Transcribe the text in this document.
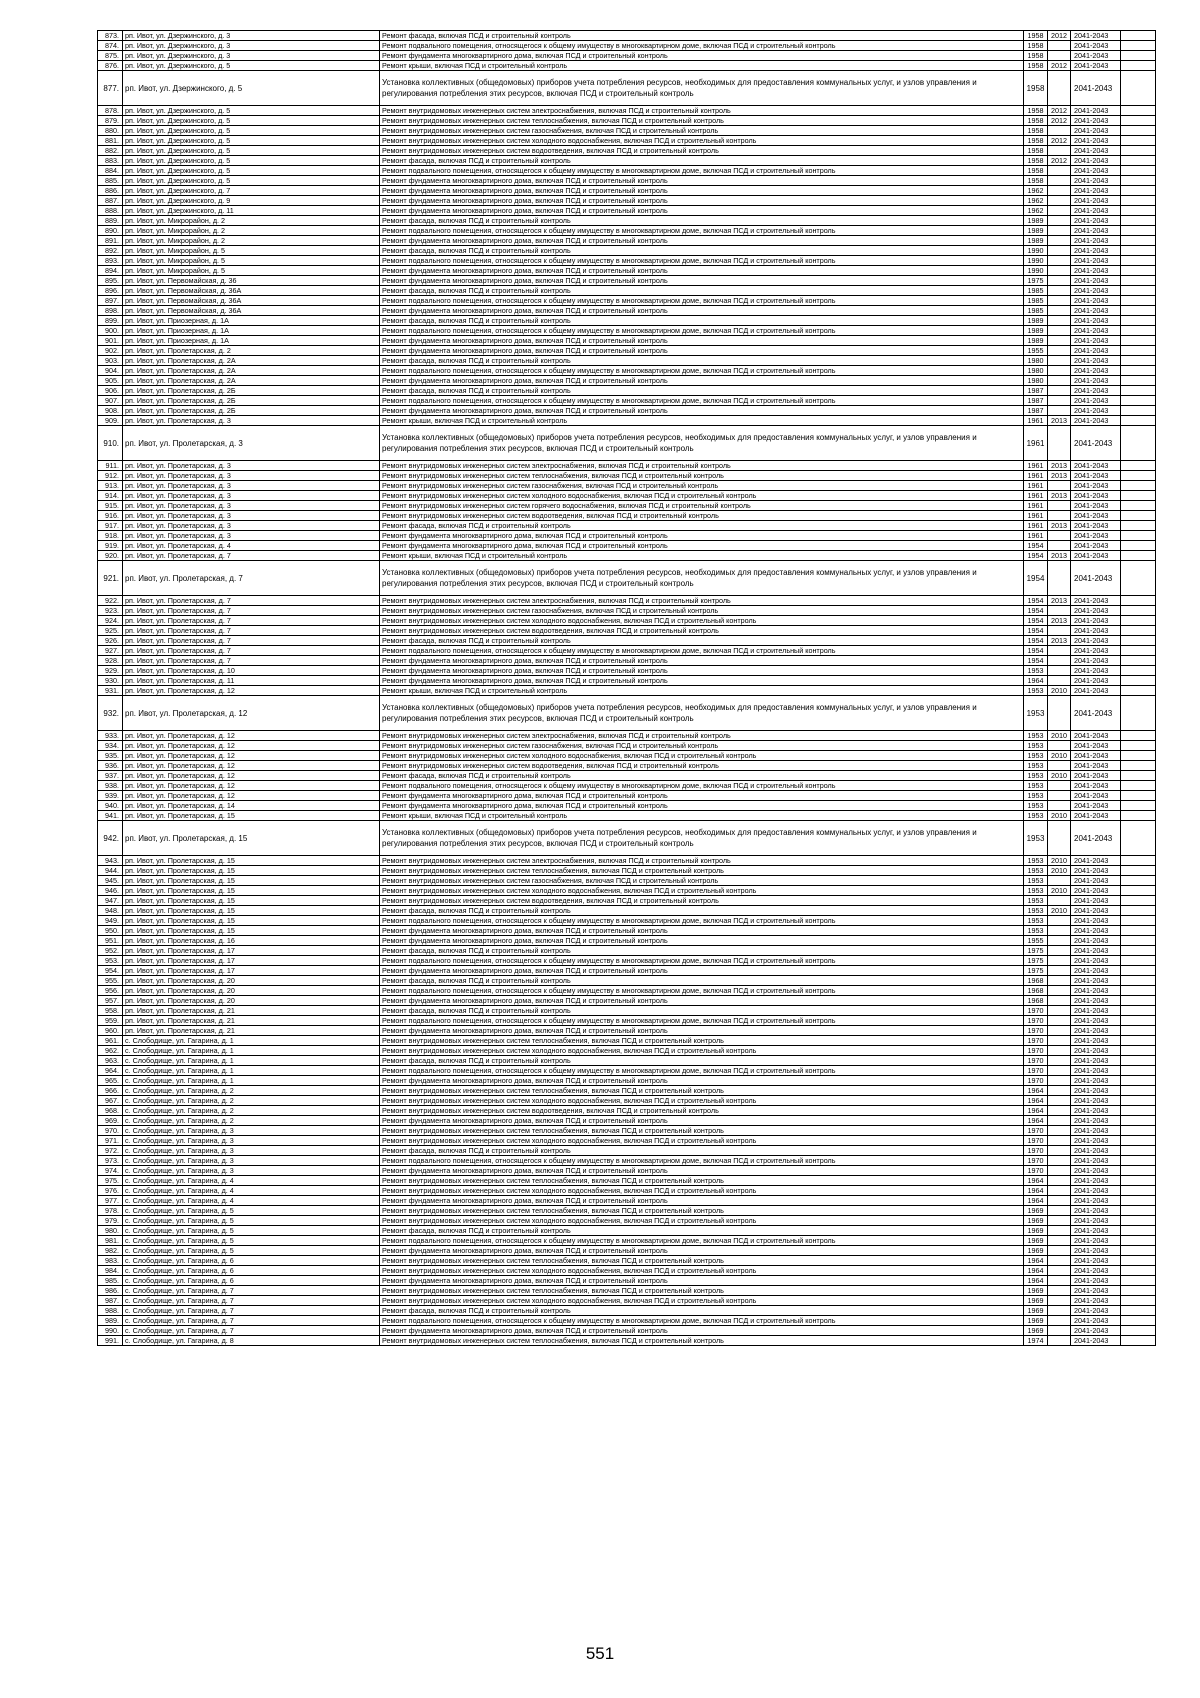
873.	рп. Ивот, ул. Дзержинского, д. 3	Ремонт фасада, включая ПСД и строительный контроль	1958	2012	2041-2043	
874.	рп. Ивот, ул. Дзержинского, д. 3	Ремонт подвального помещения, относящегося к общему имуществу в многоквартирном доме, включая ПСД и строительный контроль	1958		2041-2043	
875.	рп. Ивот, ул. Дзержинского, д. 3	Ремонт фундамента многоквартирного дома, включая ПСД и строительный контроль	1958		2041-2043	
876.	рп. Ивот, ул. Дзержинского, д. 5	Ремонт крыши, включая ПСД и строительный контроль	1958	2012	2041-2043	
877.	рп. Ивот, ул. Дзержинского, д. 5	Установка коллективных (общедомовых) приборов учета потребления ресурсов, необходимых для предоставления коммунальных услуг, и узлов управления и регулирования потребления этих ресурсов, включая ПСД и строительный контроль	1958		2041-2043	
878.	рп. Ивот, ул. Дзержинского, д. 5	Ремонт внутридомовых инженерных систем электроснабжения, включая ПСД и строительный контроль	1958	2012	2041-2043	
879.	рп. Ивот, ул. Дзержинского, д. 5	Ремонт внутридомовых инженерных систем теплоснабжения, включая ПСД и строительный контроль	1958	2012	2041-2043	
880.	рп. Ивот, ул. Дзержинского, д. 5	Ремонт внутридомовых инженерных систем газоснабжения, включая ПСД и строительный контроль	1958		2041-2043	
881.	рп. Ивот, ул. Дзержинского, д. 5	Ремонт внутридомовых инженерных систем холодного водоснабжения, включая ПСД и строительный контроль	1958	2012	2041-2043	
882.	рп. Ивот, ул. Дзержинского, д. 5	Ремонт внутридомовых инженерных систем водоотведения, включая ПСД и строительный контроль	1958		2041-2043	
883.	рп. Ивот, ул. Дзержинского, д. 5	Ремонт фасада, включая ПСД и строительный контроль	1958	2012	2041-2043	
884.	рп. Ивот, ул. Дзержинского, д. 5	Ремонт подвального помещения, относящегося к общему имуществу в многоквартирном доме, включая ПСД и строительный контроль	1958		2041-2043	
885.	рп. Ивот, ул. Дзержинского, д. 5	Ремонт фундамента многоквартирного дома, включая ПСД и строительный контроль	1958		2041-2043	
886.	рп. Ивот, ул. Дзержинского, д. 7	Ремонт фундамента многоквартирного дома, включая ПСД и строительный контроль	1962		2041-2043	
887.	рп. Ивот, ул. Дзержинского, д. 9	Ремонт фундамента многоквартирного дома, включая ПСД и строительный контроль	1962		2041-2043	
888.	рп. Ивот, ул. Дзержинского, д. 11	Ремонт фундамента многоквартирного дома, включая ПСД и строительный контроль	1962		2041-2043	
889.	рп. Ивот, ул. Микрорайон, д. 2	Ремонт фасада, включая ПСД и строительный контроль	1989		2041-2043	
890.	рп. Ивот, ул. Микрорайон, д. 2	Ремонт подвального помещения, относящегося к общему имуществу в многоквартирном доме, включая ПСД и строительный контроль	1989		2041-2043	
891.	рп. Ивот, ул. Микрорайон, д. 2	Ремонт фундамента многоквартирного дома, включая ПСД и строительный контроль	1989		2041-2043	
892.	рп. Ивот, ул. Микрорайон, д. 5	Ремонт фасада, включая ПСД и строительный контроль	1990		2041-2043	
893.	рп. Ивот, ул. Микрорайон, д. 5	Ремонт подвального помещения, относящегося к общему имуществу в многоквартирном доме, включая ПСД и строительный контроль	1990		2041-2043	
894.	рп. Ивот, ул. Микрорайон, д. 5	Ремонт фундамента многоквартирного дома, включая ПСД и строительный контроль	1990		2041-2043	
895.	рп. Ивот, ул. Первомайская, д. 36	Ремонт фундамента многоквартирного дома, включая ПСД и строительный контроль	1975		2041-2043	
896.	рп. Ивот, ул. Первомайская, д. 36А	Ремонт фасада, включая ПСД и строительный контроль	1985		2041-2043	
897.	рп. Ивот, ул. Первомайская, д. 36А	Ремонт подвального помещения, относящегося к общему имуществу в многоквартирном доме, включая ПСД и строительный контроль	1985		2041-2043	
898.	рп. Ивот, ул. Первомайская, д. 36А	Ремонт фундамента многоквартирного дома, включая ПСД и строительный контроль	1985		2041-2043	
899.	рп. Ивот, ул. Приозерная, д. 1А	Ремонт фасада, включая ПСД и строительный контроль	1989		2041-2043	
900.	рп. Ивот, ул. Приозерная, д. 1А	Ремонт подвального помещения, относящегося к общему имуществу в многоквартирном доме, включая ПСД и строительный контроль	1989		2041-2043	
901.	рп. Ивот, ул. Приозерная, д. 1А	Ремонт фундамента многоквартирного дома, включая ПСД и строительный контроль	1989		2041-2043	
902.	рп. Ивот, ул. Пролетарская, д. 2	Ремонт фундамента многоквартирного дома, включая ПСД и строительный контроль	1955		2041-2043	
903.	рп. Ивот, ул. Пролетарская, д. 2А	Ремонт фасада, включая ПСД и строительный контроль	1980		2041-2043	
904.	рп. Ивот, ул. Пролетарская, д. 2А	Ремонт подвального помещения, относящегося к общему имуществу в многоквартирном доме, включая ПСД и строительный контроль	1980		2041-2043	
905.	рп. Ивот, ул. Пролетарская, д. 2А	Ремонт фундамента многоквартирного дома, включая ПСД и строительный контроль	1980		2041-2043	
906.	рп. Ивот, ул. Пролетарская, д. 2Б	Ремонт фасада, включая ПСД и строительный контроль	1987		2041-2043	
907.	рп. Ивот, ул. Пролетарская, д. 2Б	Ремонт подвального помещения, относящегося к общему имуществу в многоквартирном доме, включая ПСД и строительный контроль	1987		2041-2043	
908.	рп. Ивот, ул. Пролетарская, д. 2Б	Ремонт фундамента многоквартирного дома, включая ПСД и строительный контроль	1987		2041-2043	
909.	рп. Ивот, ул. Пролетарская, д. 3	Ремонт крыши, включая ПСД и строительный контроль	1961	2013	2041-2043	
910.	рп. Ивот, ул. Пролетарская, д. 3	Установка коллективных (общедомовых) приборов учета потребления ресурсов, необходимых для предоставления коммунальных услуг, и узлов управления и регулирования потребления этих ресурсов, включая ПСД и строительный контроль	1961		2041-2043	
911.	рп. Ивот, ул. Пролетарская, д. 3	Ремонт внутридомовых инженерных систем электроснабжения, включая ПСД и строительный контроль	1961	2013	2041-2043	
912.	рп. Ивот, ул. Пролетарская, д. 3	Ремонт внутридомовых инженерных систем теплоснабжения, включая ПСД и строительный контроль	1961	2013	2041-2043	
913.	рп. Ивот, ул. Пролетарская, д. 3	Ремонт внутридомовых инженерных систем газоснабжения, включая ПСД и строительный контроль	1961		2041-2043	
914.	рп. Ивот, ул. Пролетарская, д. 3	Ремонт внутридомовых инженерных систем холодного водоснабжения, включая ПСД и строительный контроль	1961	2013	2041-2043	
915.	рп. Ивот, ул. Пролетарская, д. 3	Ремонт внутридомовых инженерных систем горячего водоснабжения, включая ПСД и строительный контроль	1961		2041-2043	
916.	рп. Ивот, ул. Пролетарская, д. 3	Ремонт внутридомовых инженерных систем водоотведения, включая ПСД и строительный контроль	1961		2041-2043	
917.	рп. Ивот, ул. Пролетарская, д. 3	Ремонт фасада, включая ПСД и строительный контроль	1961	2013	2041-2043	
918.	рп. Ивот, ул. Пролетарская, д. 3	Ремонт фундамента многоквартирного дома, включая ПСД и строительный контроль	1961		2041-2043	
919.	рп. Ивот, ул. Пролетарская, д. 4	Ремонт фундамента многоквартирного дома, включая ПСД и строительный контроль	1954		2041-2043	
920.	рп. Ивот, ул. Пролетарская, д. 7	Ремонт крыши, включая ПСД и строительный контроль	1954	2013	2041-2043	
921.	рп. Ивот, ул. Пролетарская, д. 7	Установка коллективных (общедомовых) приборов учета потребления ресурсов, необходимых для предоставления коммунальных услуг, и узлов управления и регулирования потребления этих ресурсов, включая ПСД и строительный контроль	1954		2041-2043	
922.	рп. Ивот, ул. Пролетарская, д. 7	Ремонт внутридомовых инженерных систем электроснабжения, включая ПСД и строительный контроль	1954	2013	2041-2043	
923.	рп. Ивот, ул. Пролетарская, д. 7	Ремонт внутридомовых инженерных систем газоснабжения, включая ПСД и строительный контроль	1954		2041-2043	
924.	рп. Ивот, ул. Пролетарская, д. 7	Ремонт внутридомовых инженерных систем холодного водоснабжения, включая ПСД и строительный контроль	1954	2013	2041-2043	
925.	рп. Ивот, ул. Пролетарская, д. 7	Ремонт внутридомовых инженерных систем водоотведения, включая ПСД и строительный контроль	1954		2041-2043	
926.	рп. Ивот, ул. Пролетарская, д. 7	Ремонт фасада, включая ПСД и строительный контроль	1954	2013	2041-2043	
927.	рп. Ивот, ул. Пролетарская, д. 7	Ремонт подвального помещения, относящегося к общему имуществу в многоквартирном доме, включая ПСД и строительный контроль	1954		2041-2043	
928.	рп. Ивот, ул. Пролетарская, д. 7	Ремонт фундамента многоквартирного дома, включая ПСД и строительный контроль	1954		2041-2043	
929.	рп. Ивот, ул. Пролетарская, д. 10	Ремонт фундамента многоквартирного дома, включая ПСД и строительный контроль	1953		2041-2043	
930.	рп. Ивот, ул. Пролетарская, д. 11	Ремонт фундамента многоквартирного дома, включая ПСД и строительный контроль	1964		2041-2043	
931.	рп. Ивот, ул. Пролетарская, д. 12	Ремонт крыши, включая ПСД и строительный контроль	1953	2010	2041-2043	
932.	рп. Ивот, ул. Пролетарская, д. 12	Установка коллективных (общедомовых) приборов учета потребления ресурсов, необходимых для предоставления коммунальных услуг, и узлов управления и регулирования потребления этих ресурсов, включая ПСД и строительный контроль	1953		2041-2043	
933.	рп. Ивот, ул. Пролетарская, д. 12	Ремонт внутридомовых инженерных систем электроснабжения, включая ПСД и строительный контроль	1953	2010	2041-2043	
934.	рп. Ивот, ул. Пролетарская, д. 12	Ремонт внутридомовых инженерных систем газоснабжения, включая ПСД и строительный контроль	1953		2041-2043	
935.	рп. Ивот, ул. Пролетарская, д. 12	Ремонт внутридомовых инженерных систем холодного водоснабжения, включая ПСД и строительный контроль	1953	2010	2041-2043	
936.	рп. Ивот, ул. Пролетарская, д. 12	Ремонт внутридомовых инженерных систем водоотведения, включая ПСД и строительный контроль	1953		2041-2043	
937.	рп. Ивот, ул. Пролетарская, д. 12	Ремонт фасада, включая ПСД и строительный контроль	1953	2010	2041-2043	
938.	рп. Ивот, ул. Пролетарская, д. 12	Ремонт подвального помещения, относящегося к общему имуществу в многоквартирном доме, включая ПСД и строительный контроль	1953		2041-2043	
939.	рп. Ивот, ул. Пролетарская, д. 12	Ремонт фундамента многоквартирного дома, включая ПСД и строительный контроль	1953		2041-2043	
940.	рп. Ивот, ул. Пролетарская, д. 14	Ремонт фундамента многоквартирного дома, включая ПСД и строительный контроль	1953		2041-2043	
941.	рп. Ивот, ул. Пролетарская, д. 15	Ремонт крыши, включая ПСД и строительный контроль	1953	2010	2041-2043	
942.	рп. Ивот, ул. Пролетарская, д. 15	Установка коллективных (общедомовых) приборов учета потребления ресурсов, необходимых для предоставления коммунальных услуг, и узлов управления и регулирования потребления этих ресурсов, включая ПСД и строительный контроль	1953		2041-2043	
943.	рп. Ивот, ул. Пролетарская, д. 15	Ремонт внутридомовых инженерных систем электроснабжения, включая ПСД и строительный контроль	1953	2010	2041-2043	
944.	рп. Ивот, ул. Пролетарская, д. 15	Ремонт внутридомовых инженерных систем теплоснабжения, включая ПСД и строительный контроль	1953	2010	2041-2043	
945.	рп. Ивот, ул. Пролетарская, д. 15	Ремонт внутридомовых инженерных систем газоснабжения, включая ПСД и строительный контроль	1953		2041-2043	
946.	рп. Ивот, ул. Пролетарская, д. 15	Ремонт внутридомовых инженерных систем холодного водоснабжения, включая ПСД и строительный контроль	1953	2010	2041-2043	
947.	рп. Ивот, ул. Пролетарская, д. 15	Ремонт внутридомовых инженерных систем водоотведения, включая ПСД и строительный контроль	1953		2041-2043	
948.	рп. Ивот, ул. Пролетарская, д. 15	Ремонт фасада, включая ПСД и строительный контроль	1953	2010	2041-2043	
949.	рп. Ивот, ул. Пролетарская, д. 15	Ремонт подвального помещения, относящегося к общему имуществу в многоквартирном доме, включая ПСД и строительный контроль	1953		2041-2043	
950.	рп. Ивот, ул. Пролетарская, д. 15	Ремонт фундамента многоквартирного дома, включая ПСД и строительный контроль	1953		2041-2043	
951.	рп. Ивот, ул. Пролетарская, д. 16	Ремонт фундамента многоквартирного дома, включая ПСД и строительный контроль	1955		2041-2043	
952.	рп. Ивот, ул. Пролетарская, д. 17	Ремонт фасада, включая ПСД и строительный контроль	1975		2041-2043	
953.	рп. Ивот, ул. Пролетарская, д. 17	Ремонт подвального помещения, относящегося к общему имуществу в многоквартирном доме, включая ПСД и строительный контроль	1975		2041-2043	
954.	рп. Ивот, ул. Пролетарская, д. 17	Ремонт фундамента многоквартирного дома, включая ПСД и строительный контроль	1975		2041-2043	
955.	рп. Ивот, ул. Пролетарская, д. 20	Ремонт фасада, включая ПСД и строительный контроль	1968		2041-2043	
956.	рп. Ивот, ул. Пролетарская, д. 20	Ремонт подвального помещения, относящегося к общему имуществу в многоквартирном доме, включая ПСД и строительный контроль	1968		2041-2043	
957.	рп. Ивот, ул. Пролетарская, д. 20	Ремонт фундамента многоквартирного дома, включая ПСД и строительный контроль	1968		2041-2043	
958.	рп. Ивот, ул. Пролетарская, д. 21	Ремонт фасада, включая ПСД и строительный контроль	1970		2041-2043	
959.	рп. Ивот, ул. Пролетарская, д. 21	Ремонт подвального помещения, относящегося к общему имуществу в многоквартирном доме, включая ПСД и строительный контроль	1970		2041-2043	
960.	рп. Ивот, ул. Пролетарская, д. 21	Ремонт фундамента многоквартирного дома, включая ПСД и строительный контроль	1970		2041-2043	
961.	с. Слободище, ул. Гагарина, д. 1	Ремонт внутридомовых инженерных систем теплоснабжения, включая ПСД и строительный контроль	1970		2041-2043	
962.	с. Слободище, ул. Гагарина, д. 1	Ремонт внутридомовых инженерных систем холодного водоснабжения, включая ПСД и строительный контроль	1970		2041-2043	
963.	с. Слободище, ул. Гагарина, д. 1	Ремонт фасада, включая ПСД и строительный контроль	1970		2041-2043	
964.	с. Слободище, ул. Гагарина, д. 1	Ремонт подвального помещения, относящегося к общему имуществу в многоквартирном доме, включая ПСД и строительный контроль	1970		2041-2043	
965.	с. Слободище, ул. Гагарина, д. 1	Ремонт фундамента многоквартирного дома, включая ПСД и строительный контроль	1970		2041-2043	
966.	с. Слободище, ул. Гагарина, д. 2	Ремонт внутридомовых инженерных систем теплоснабжения, включая ПСД и строительный контроль	1964		2041-2043	
967.	с. Слободище, ул. Гагарина, д. 2	Ремонт внутридомовых инженерных систем холодного водоснабжения, включая ПСД и строительный контроль	1964		2041-2043	
968.	с. Слободище, ул. Гагарина, д. 2	Ремонт внутридомовых инженерных систем водоотведения, включая ПСД и строительный контроль	1964		2041-2043	
969.	с. Слободище, ул. Гагарина, д. 2	Ремонт фундамента многоквартирного дома, включая ПСД и строительный контроль	1964		2041-2043	
970.	с. Слободище, ул. Гагарина, д. 3	Ремонт внутридомовых инженерных систем теплоснабжения, включая ПСД и строительный контроль	1970		2041-2043	
971.	с. Слободище, ул. Гагарина, д. 3	Ремонт внутридомовых инженерных систем холодного водоснабжения, включая ПСД и строительный контроль	1970		2041-2043	
972.	с. Слободище, ул. Гагарина, д. 3	Ремонт фасада, включая ПСД и строительный контроль	1970		2041-2043	
973.	с. Слободище, ул. Гагарина, д. 3	Ремонт подвального помещения, относящегося к общему имуществу в многоквартирном доме, включая ПСД и строительный контроль	1970		2041-2043	
974.	с. Слободище, ул. Гагарина, д. 3	Ремонт фундамента многоквартирного дома, включая ПСД и строительный контроль	1970		2041-2043	
975.	с. Слободище, ул. Гагарина, д. 4	Ремонт внутридомовых инженерных систем теплоснабжения, включая ПСД и строительный контроль	1964		2041-2043	
976.	с. Слободище, ул. Гагарина, д. 4	Ремонт внутридомовых инженерных систем холодного водоснабжения, включая ПСД и строительный контроль	1964		2041-2043	
977.	с. Слободище, ул. Гагарина, д. 4	Ремонт фундамента многоквартирного дома, включая ПСД и строительный контроль	1964		2041-2043	
978.	с. Слободище, ул. Гагарина, д. 5	Ремонт внутридомовых инженерных систем теплоснабжения, включая ПСД и строительный контроль	1969		2041-2043	
979.	с. Слободище, ул. Гагарина, д. 5	Ремонт внутридомовых инженерных систем холодного водоснабжения, включая ПСД и строительный контроль	1969		2041-2043	
980.	с. Слободище, ул. Гагарина, д. 5	Ремонт фасада, включая ПСД и строительный контроль	1969		2041-2043	
981.	с. Слободище, ул. Гагарина, д. 5	Ремонт подвального помещения, относящегося к общему имуществу в многоквартирном доме, включая ПСД и строительный контроль	1969		2041-2043	
982.	с. Слободище, ул. Гагарина, д. 5	Ремонт фундамента многоквартирного дома, включая ПСД и строительный контроль	1969		2041-2043	
983.	с. Слободище, ул. Гагарина, д. 6	Ремонт внутридомовых инженерных систем теплоснабжения, включая ПСД и строительный контроль	1964		2041-2043	
984.	с. Слободище, ул. Гагарина, д. 6	Ремонт внутридомовых инженерных систем холодного водоснабжения, включая ПСД и строительный контроль	1964		2041-2043	
985.	с. Слободище, ул. Гагарина, д. 6	Ремонт фундамента многоквартирного дома, включая ПСД и строительный контроль	1964		2041-2043	
986.	с. Слободище, ул. Гагарина, д. 7	Ремонт внутридомовых инженерных систем теплоснабжения, включая ПСД и строительный контроль	1969		2041-2043	
987.	с. Слободище, ул. Гагарина, д. 7	Ремонт внутридомовых инженерных систем холодного водоснабжения, включая ПСД и строительный контроль	1969		2041-2043	
988.	с. Слободище, ул. Гагарина, д. 7	Ремонт фасада, включая ПСД и строительный контроль	1969		2041-2043	
989.	с. Слободище, ул. Гагарина, д. 7	Ремонт подвального помещения, относящегося к общему имуществу в многоквартирном доме, включая ПСД и строительный контроль	1969		2041-2043	
990.	с. Слободище, ул. Гагарина, д. 7	Ремонт фундамента многоквартирного дома, включая ПСД и строительный контроль	1969		2041-2043	
991.	с. Слободище, ул. Гагарина, д. 8	Ремонт внутридомовых инженерных систем теплоснабжения, включая ПСД и строительный контроль	1974		2041-2043	
551
